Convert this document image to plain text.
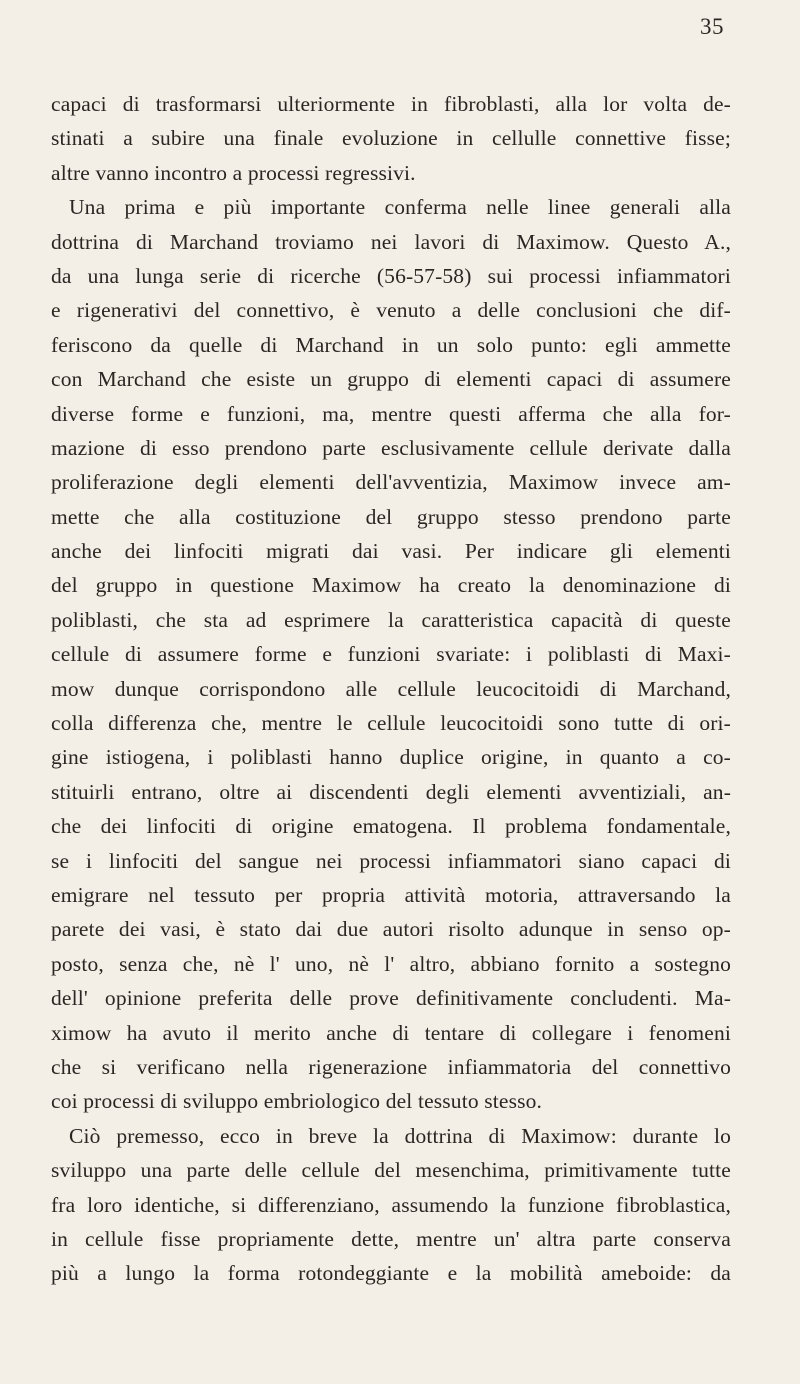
35

capaci di trasformarsi ulteriormente in fibroblasti, alla lor volta de-
stinati a subire una finale evoluzione in cellulle connettive fisse;
altre vanno incontro a processi regressivi.
Una prima e più importante conferma nelle linee generali alla
dottrina di Marchand troviamo nei lavori di Maximow. Questo A.,
da una lunga serie di ricerche (56-57-58) sui processi infiammatori
e rigenerativi del connettivo, è venuto a delle conclusioni che dif-
feriscono da quelle di Marchand in un solo punto: egli ammette
con Marchand che esiste un gruppo di elementi capaci di assumere
diverse forme e funzioni, ma, mentre questi afferma che alla for-
mazione di esso prendono parte esclusivamente cellule derivate dalla
proliferazione degli elementi dell'avventizia, Maximow invece am-
mette che alla costituzione del gruppo stesso prendono parte
anche dei linfociti migrati dai vasi. Per indicare gli elementi
del gruppo in questione Maximow ha creato la denominazione di
poliblasti, che sta ad esprimere la caratteristica capacità di queste
cellule di assumere forme e funzioni svariate: i poliblasti di Maxi-
mow dunque corrispondono alle cellule leucocitoidi di Marchand,
colla differenza che, mentre le cellule leucocitoidi sono tutte di ori-
gine istiogena, i poliblasti hanno duplice origine, in quanto a co-
stituirli entrano, oltre ai discendenti degli elementi avventiziali, an-
che dei linfociti di origine ematogena. Il problema fondamentale,
se i linfociti del sangue nei processi infiammatori siano capaci di
emigrare nel tessuto per propria attività motoria, attraversando la
parete dei vasi, è stato dai due autori risolto adunque in senso op-
posto, senza che, nè l' uno, nè l' altro, abbiano fornito a sostegno
dell' opinione preferita delle prove definitivamente concludenti. Ma-
ximow ha avuto il merito anche di tentare di collegare i fenomeni
che si verificano nella rigenerazione infiammatoria del connettivo
coi processi di sviluppo embriologico del tessuto stesso.
Ciò premesso, ecco in breve la dottrina di Maximow: durante lo
sviluppo una parte delle cellule del mesenchima, primitivamente tutte
fra loro identiche, si differenziano, assumendo la funzione fibroblastica,
in cellule fisse propriamente dette, mentre un' altra parte conserva
più a lungo la forma rotondeggiante e la mobilità ameboide: da
